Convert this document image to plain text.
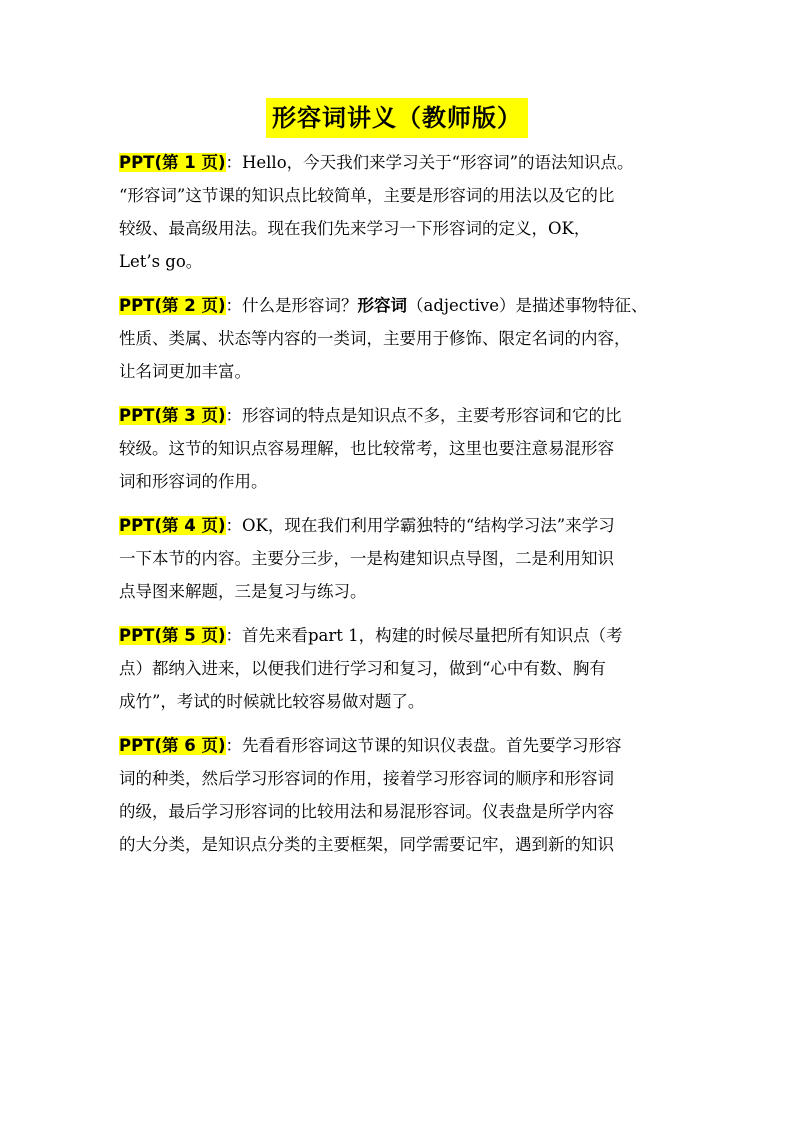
形容词讲义（教师版）
PPT(第 1 页)：Hello，今天我们来学习关于“形容词”的语法知识点。
“形容词”这节课的知识点比较简单，主要是形容词的用法以及它的比
较级、最高级用法。现在我们先来学习一下形容词的定义，OK，
Let’s go。
PPT(第 2 页)：什么是形容词？形容词（adjective）是描述事物特征、
性质、类属、状态等内容的一类词，主要用于修饰、限定名词的内容，
让名词更加丰富。
PPT(第 3 页)：形容词的特点是知识点不多，主要考形容词和它的比
较级。这节的知识点容易理解，也比较常考，这里也要注意易混形容
词和形容词的作用。
PPT(第 4 页)：OK，现在我们利用学霸独特的“结构学习法”来学习
一下本节的内容。主要分三步，一是构建知识点导图，二是利用知识
点导图来解题，三是复习与练习。
PPT(第 5 页)：首先来看part 1，构建的时候尽量把所有知识点（考
点）都纳入进来，以便我们进行学习和复习，做到“心中有数、胸有
成竹”，考试的时候就比较容易做对题了。
PPT(第 6 页)：先看看形容词这节课的知识仪表盘。首先要学习形容
词的种类，然后学习形容词的作用，接着学习形容词的顺序和形容词
的级，最后学习形容词的比较用法和易混形容词。仪表盘是所学内容
的大分类，是知识点分类的主要框架，同学需要记牢，遇到新的知识
